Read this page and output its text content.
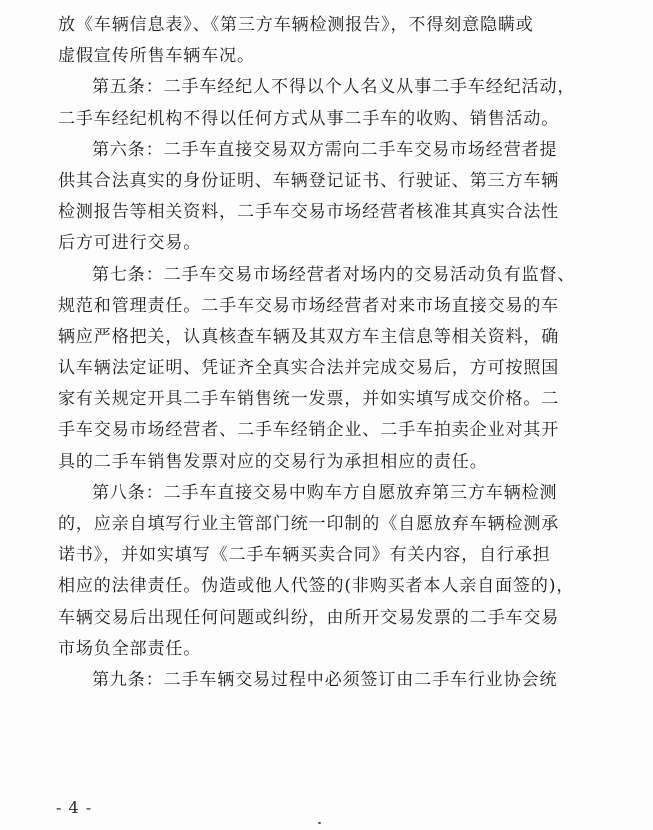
放《车辆信息表》、《第三方车辆检测报告》，不得刻意隐瞒或
虚假宣传所售车辆车况。
第五条：二手车经纪人不得以个人名义从事二手车经纪活动，
二手车经纪机构不得以任何方式从事二手车的收购、销售活动。
第六条：二手车直接交易双方需向二手车交易市场经营者提
供其合法真实的身份证明、车辆登记证书、行驶证、第三方车辆
检测报告等相关资料，二手车交易市场经营者核准其真实合法性
后方可进行交易。
第七条：二手车交易市场经营者对场内的交易活动负有监督、
规范和管理责任。二手车交易市场经营者对来市场直接交易的车
辆应严格把关，认真核查车辆及其双方车主信息等相关资料，确
认车辆法定证明、凭证齐全真实合法并完成交易后，方可按照国
家有关规定开具二手车销售统一发票，并如实填写成交价格。二
手车交易市场经营者、二手车经销企业、二手车拍卖企业对其开
具的二手车销售发票对应的交易行为承担相应的责任。
第八条：二手车直接交易中购车方自愿放弃第三方车辆检测
的，应亲自填写行业主管部门统一印制的《自愿放弃车辆检测承
诺书》，并如实填写《二手车辆买卖合同》有关内容，自行承担
相应的法律责任。伪造或他人代签的(非购买者本人亲自面签的)，
车辆交易后出现任何问题或纠纷，由所开交易发票的二手车交易
市场负全部责任。
第九条：二手车辆交易过程中必须签订由二手车行业协会统
- 4 -
